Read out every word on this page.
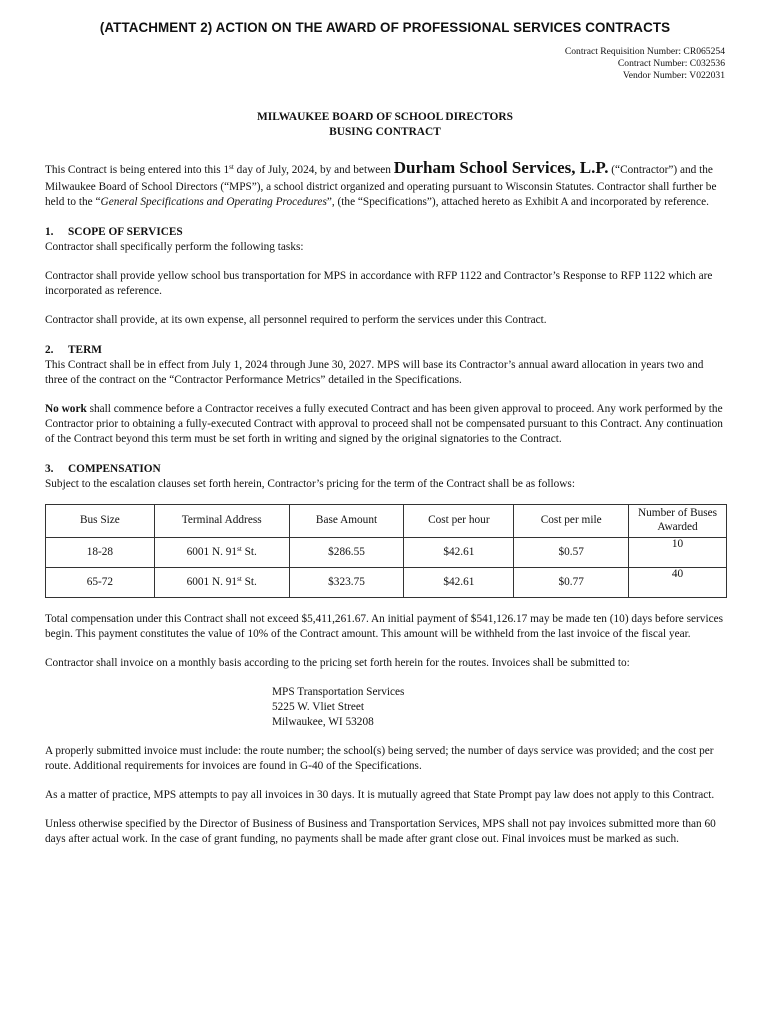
(ATTACHMENT 2) ACTION ON THE AWARD OF PROFESSIONAL SERVICES CONTRACTS
Contract Requisition Number: CR065254
Contract Number: C032536
Vendor Number: V022031
MILWAUKEE BOARD OF SCHOOL DIRECTORS
BUSING CONTRACT

This Contract is being entered into this 1st day of July, 2024, by and between Durham School Services, L.P. (“Contractor”) and the Milwaukee Board of School Directors (“MPS”), a school district organized and operating pursuant to Wisconsin Statutes. Contractor shall further be held to the “General Specifications and Operating Procedures”, (the “Specifications”), attached hereto as Exhibit A and incorporated by reference.

1. SCOPE OF SERVICES

Contractor shall specifically perform the following tasks:

Contractor shall provide yellow school bus transportation for MPS in accordance with RFP 1122 and Contractor’s Response to RFP 1122 which are incorporated as reference.

Contractor shall provide, at its own expense, all personnel required to perform the services under this Contract.

2. TERM

This Contract shall be in effect from July 1, 2024 through June 30, 2027. MPS will base its Contractor’s annual award allocation in years two and three of the contract on the “Contractor Performance Metrics” detailed in the Specifications.

No work shall commence before a Contractor receives a fully executed Contract and has been given approval to proceed. Any work performed by the Contractor prior to obtaining a fully-executed Contract with approval to proceed shall not be compensated pursuant to this Contract. Any continuation of the Contract beyond this term must be set forth in writing and signed by the original signatories to the Contract.

3. COMPENSATION

Subject to the escalation clauses set forth herein, Contractor’s pricing for the term of the Contract shall be as follows:

Bus Size	Terminal Address	Base Amount	Cost per hour	Cost per mile	Number of Buses Awarded
18-28	6001 N. 91st St.	$286.55	$42.61	$0.57	10
65-72	6001 N. 91st St.	$323.75	$42.61	$0.77	40

Total compensation under this Contract shall not exceed $5,411,261.67. An initial payment of $541,126.17 may be made ten (10) days before services begin. This payment constitutes the value of 10% of the Contract amount. This amount will be withheld from the last invoice of the fiscal year.

Contractor shall invoice on a monthly basis according to the pricing set forth herein for the routes. Invoices shall be submitted to:

MPS Transportation Services
5225 W. Vliet Street
Milwaukee, WI 53208

A properly submitted invoice must include: the route number; the school(s) being served; the number of days service was provided; and the cost per route. Additional requirements for invoices are found in G-40 of the Specifications.

As a matter of practice, MPS attempts to pay all invoices in 30 days. It is mutually agreed that State Prompt pay law does not apply to this Contract.

Unless otherwise specified by the Director of Business of Business and Transportation Services, MPS shall not pay invoices submitted more than 60 days after actual work. In the case of grant funding, no payments shall be made after grant close out. Final invoices must be marked as such.
